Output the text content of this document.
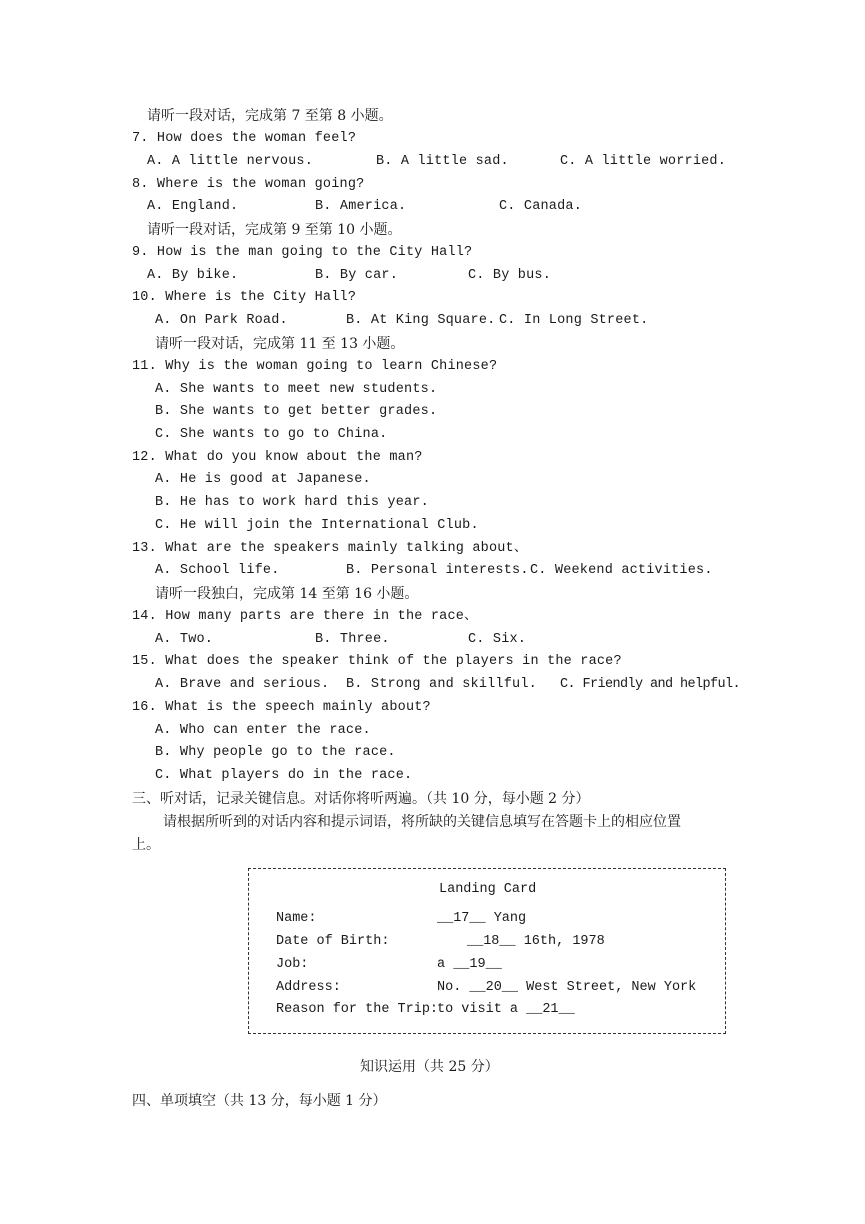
请听一段对话，完成第 7 至第 8 小题。
7. How does the woman feel?
A. A little nervous.	B. A little sad.	C. A little worried.
8. Where is the woman going?
A. England.	B. America.	C. Canada.
请听一段对话，完成第 9 至第 10 小题。
9. How is the man going to the City Hall?
A. By bike.	B. By car.	C. By bus.
10. Where is the City Hall?
A. On Park Road.	B. At King Square. C. In Long Street.
请听一段对话，完成第 11 至 13 小题。
11. Why is the woman going to learn Chinese?
A. She wants to meet new students.
B. She wants to get better grades.
C. She wants to go to China.
12. What do you know about the man?
A. He is good at Japanese.
B. He has to work hard this year.
C. He will join the International Club.
13. What are the speakers mainly talking about、
A. School life.	B. Personal interests. C. Weekend activities.
请听一段独白，完成第 14 至第 16 小题。
14. How many parts are there in the race、
A. Two.	B. Three.	C. Six.
15. What does the speaker think of the players in the race?
A. Brave and serious. B. Strong and skillful. C. Friendly and helpful.
16. What is the speech mainly about?
A. Who can enter the race.
B. Why people go to the race.
C. What players do in the race.
三、听对话，记录关键信息。对话你将听两遍。（共 10 分，每小题 2 分）
请根据所听到的对话内容和提示词语，将所缺的关键信息填写在答题卡上的相应位置
上。
Landing Card
Name:	__17__ Yang
Date of Birth:	__18__ 16th, 1978
Job:	a __19__
Address:	No. __20__ West Street, New York
Reason for the Trip:
to visit a __21__
知识运用（共 25 分）
四、单项填空（共 13 分，每小题 1 分）
